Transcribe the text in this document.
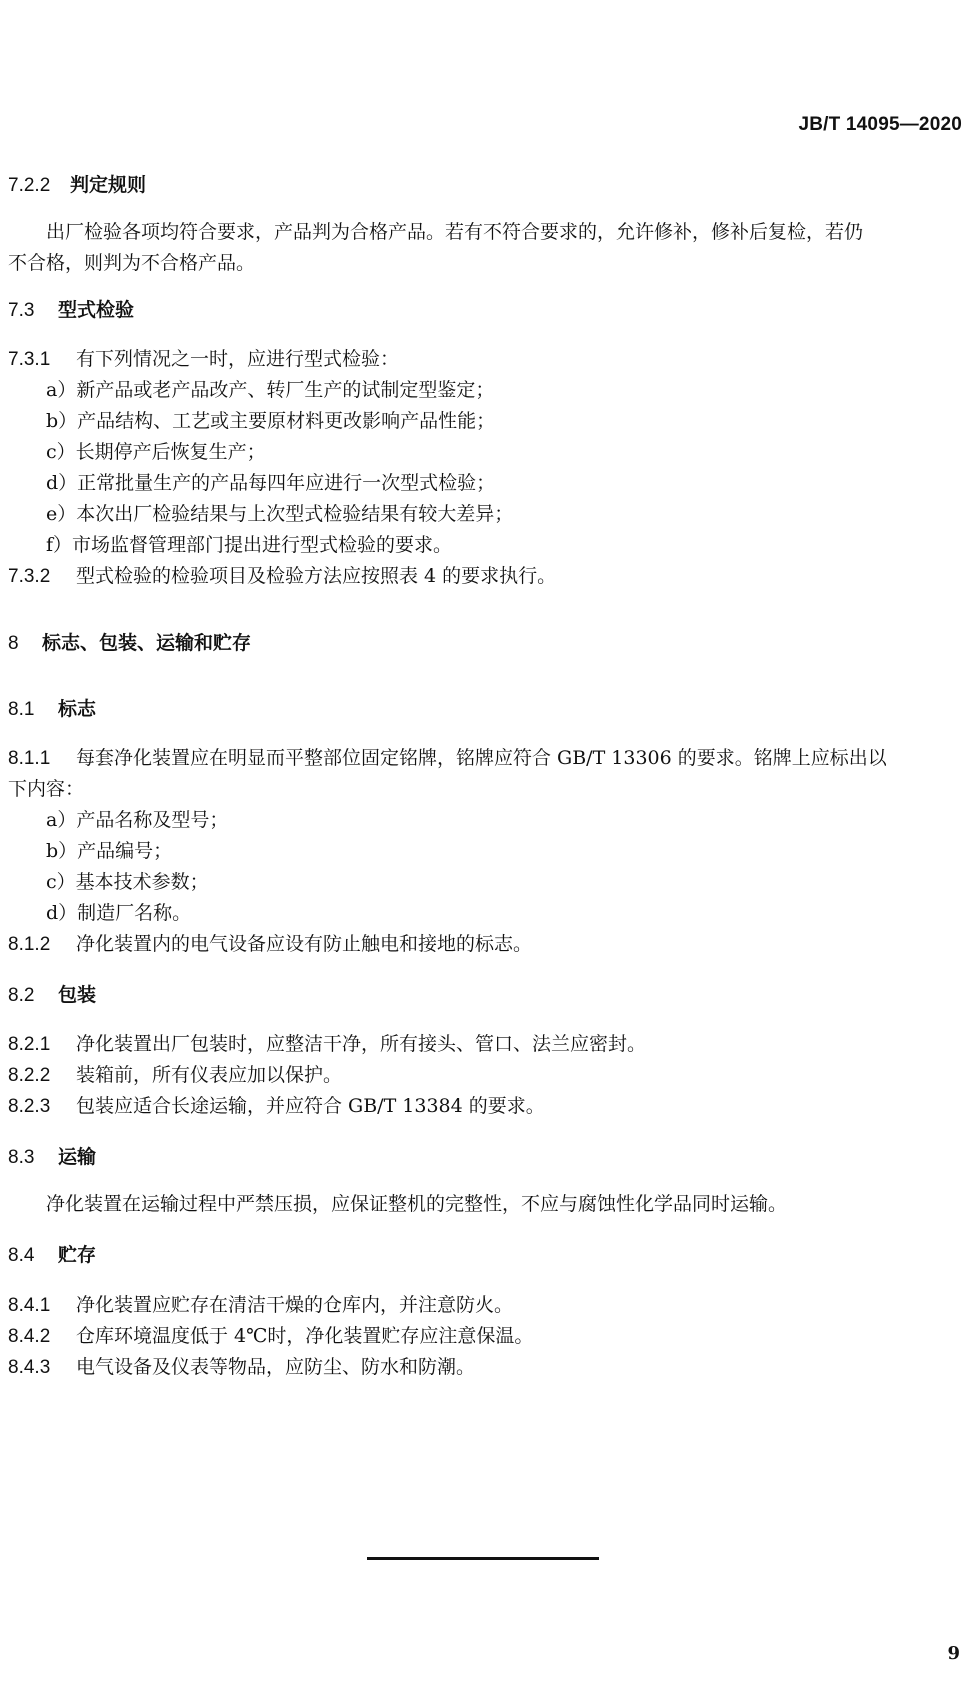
JB/T 14095—2020
7.2.2 判定规则
出厂检验各项均符合要求，产品判为合格产品。若有不符合要求的，允许修补，修补后复检，若仍
不合格，则判为不合格产品。
7.3 型式检验
7.3.1 有下列情况之一时，应进行型式检验：
a）新产品或老产品改产、转厂生产的试制定型鉴定；
b）产品结构、工艺或主要原材料更改影响产品性能；
c）长期停产后恢复生产；
d）正常批量生产的产品每四年应进行一次型式检验；
e）本次出厂检验结果与上次型式检验结果有较大差异；
f）市场监督管理部门提出进行型式检验的要求。
7.3.2 型式检验的检验项目及检验方法应按照表 4 的要求执行。
8 标志、包装、运输和贮存
8.1 标志
8.1.1 每套净化装置应在明显而平整部位固定铭牌，铭牌应符合 GB/T 13306 的要求。铭牌上应标出以
下内容：
a）产品名称及型号；
b）产品编号；
c）基本技术参数；
d）制造厂名称。
8.1.2 净化装置内的电气设备应设有防止触电和接地的标志。
8.2 包装
8.2.1 净化装置出厂包装时，应整洁干净，所有接头、管口、法兰应密封。
8.2.2 装箱前，所有仪表应加以保护。
8.2.3 包装应适合长途运输，并应符合 GB/T 13384 的要求。
8.3 运输
净化装置在运输过程中严禁压损，应保证整机的完整性，不应与腐蚀性化学品同时运输。
8.4 贮存
8.4.1 净化装置应贮存在清洁干燥的仓库内，并注意防火。
8.4.2 仓库环境温度低于 4℃时，净化装置贮存应注意保温。
8.4.3 电气设备及仪表等物品，应防尘、防水和防潮。
9
